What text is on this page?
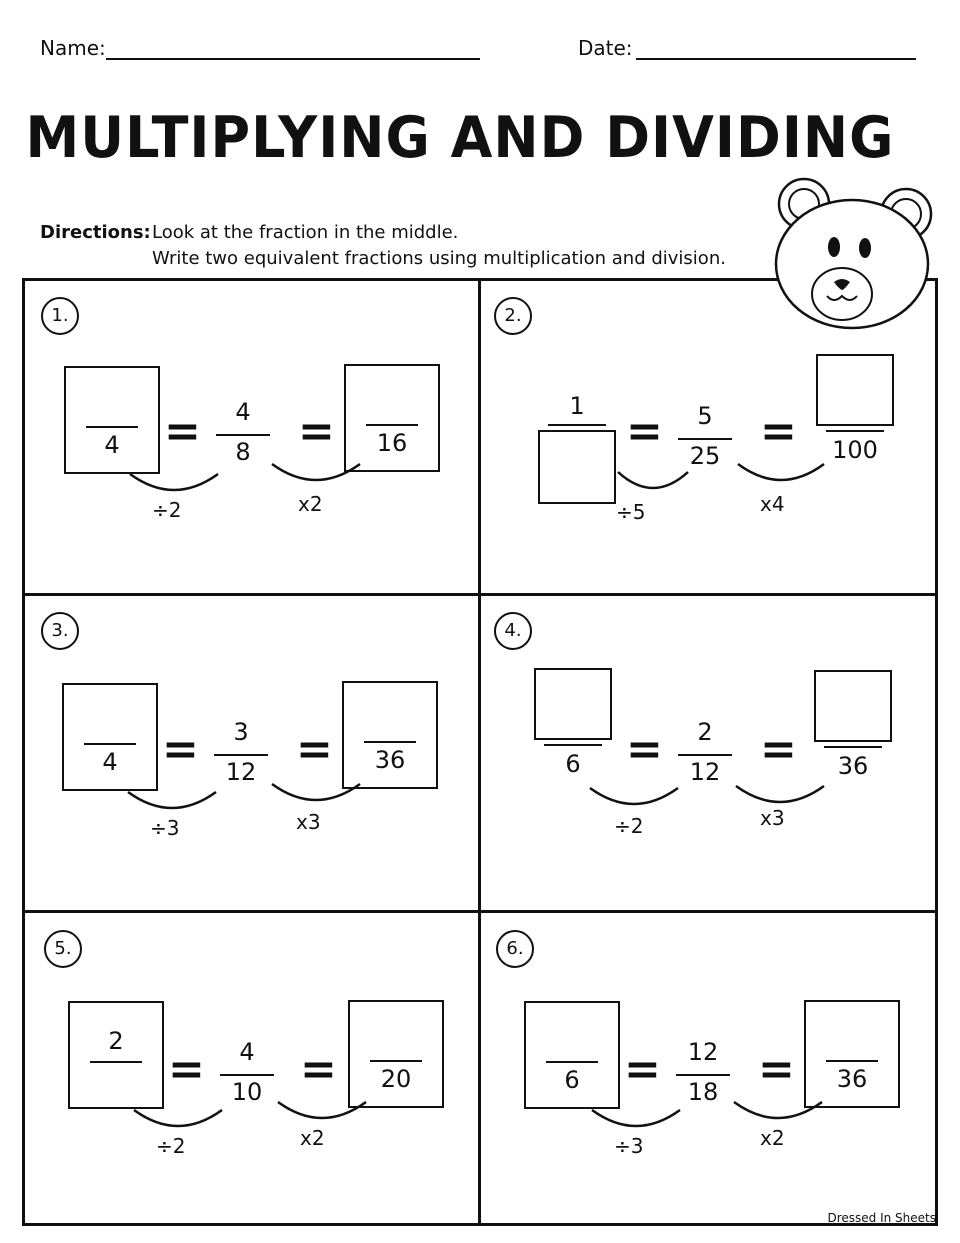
Name:	Date:
MULTIPLYING AND DIVIDING
Directions: Look at the fraction in the middle.
Write two equivalent fractions using multiplication and division.
1.
4	16
4
8
= =
÷2	x2
2.
1
100
5
25
= =
÷5	x4
3.
4	36
3
12
= =
÷3	x3
4.
6	36
2
12
= =
÷2	x3
5.
2
20
4
10
= =
÷2	x2
6.
6	36
12
18
= =
÷3	x2
Dressed In Sheets
